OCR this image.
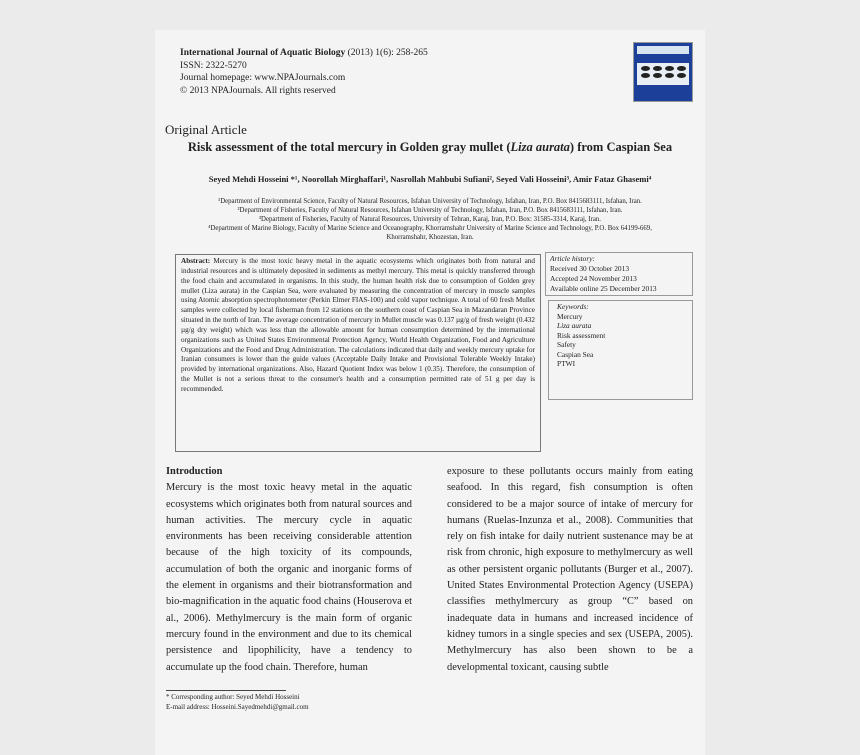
International Journal of Aquatic Biology (2013) 1(6): 258-265
ISSN: 2322-5270
Journal homepage: www.NPAJournals.com
© 2013 NPAJournals. All rights reserved
Original Article
Risk assessment of the total mercury in Golden gray mullet (Liza aurata) from Caspian Sea
Seyed Mehdi Hosseini *¹, Noorollah Mirghaffari¹, Nasrollah Mahbubi Sufiani², Seyed Vali Hosseini³, Amir Fataz Ghasemi⁴
¹Department of Environmental Science, Faculty of Natural Resources, Isfahan University of Technology, Isfahan, Iran, P.O. Box 8415683111, Isfahan, Iran.
²Department of Fisheries, Faculty of Natural Resources, Isfahan University of Technology, Isfahan, Iran, P.O. Box 8415683111, Isfahan, Iran.
³Department of Fisheries, Faculty of Natural Resources, University of Tehran, Karaj, Iran, P.O. Box: 31585-3314, Karaj, Iran.
⁴Department of Marine Biology, Faculty of Marine Science and Oceanography, Khorramshahr University of Marine Science and Technology, P.O. Box 64199-669,
Khorramshahr, Khozestan, Iran.
Abstract: Mercury is the most toxic heavy metal in the aquatic ecosystems which originates both from natural and industrial resources and is ultimately deposited in sediments as methyl mercury. This metal is quickly transferred through the food chain and accumulated in organisms. In this study, the human health risk due to consumption of Golden grey mullet (Liza aurata) in the Caspian Sea, were evaluated by measuring the concentration of mercury in muscle samples using Atomic absorption spectrophotometer (Perkin Elmer FIAS-100) and cold vapor technique. A total of 60 fresh Mullet samples were collected by local fisherman from 12 stations on the southern coast of Caspian Sea in Mazandaran Province situated in the north of Iran. The average concentration of mercury in Mullet muscle was 0.137 µg/g of fresh weight (0.432 µg/g dry weight) which was less than the allowable amount for human consumption determined by the international organizations such as United States Environmental Protection Agency, World Health Organization, Food and Agriculture Organizations and the Food and Drug Administration. The calculations indicated that daily and weekly mercury uptake for Iranian consumers is lower than the guide values (Acceptable Daily Intake and Provisional Tolerable Weekly Intake) provided by international organizations. Also, Hazard Quotient Index was below 1 (0.35). Therefore, the consumption of the Mullet is not a serious threat to the consumer's health and a consumption permitted rate of 51 g per day is recommended.
Article history:
Received 30 October 2013
Accepted 24 November 2013
Available online 25 December 2013
Keywords:
Mercury
Liza aurata
Risk assessment
Safety
Caspian Sea
PTWI
Introduction
Mercury is the most toxic heavy metal in the aquatic ecosystems which originates both from natural sources and human activities. The mercury cycle in aquatic environments has been receiving considerable attention because of the high toxicity of its compounds, accumulation of both the organic and inorganic forms of the element in organisms and their biotransformation and bio-magnification in the aquatic food chains (Houserova et al., 2006). Methylmercury is the main form of organic mercury found in the environment and due to its chemical persistence and lipophilicity, have a tendency to accumulate up the food chain. Therefore, human
exposure to these pollutants occurs mainly from eating seafood. In this regard, fish consumption is often considered to be a major source of intake of mercury for humans (Ruelas-Inzunza et al., 2008). Communities that rely on fish intake for daily nutrient sustenance may be at risk from chronic, high exposure to methylmercury as well as other persistent organic pollutants (Burger et al., 2007). United States Environmental Protection Agency (USEPA) classifies methylmercury as group “C” based on inadequate data in humans and increased incidence of kidney tumors in a single species and sex (USEPA, 2005). Methylmercury has also been shown to be a developmental toxicant, causing subtle
* Corresponding author: Seyed Mehdi Hosseini
E-mail address: Hosseini.Sayedmehdi@gmail.com
